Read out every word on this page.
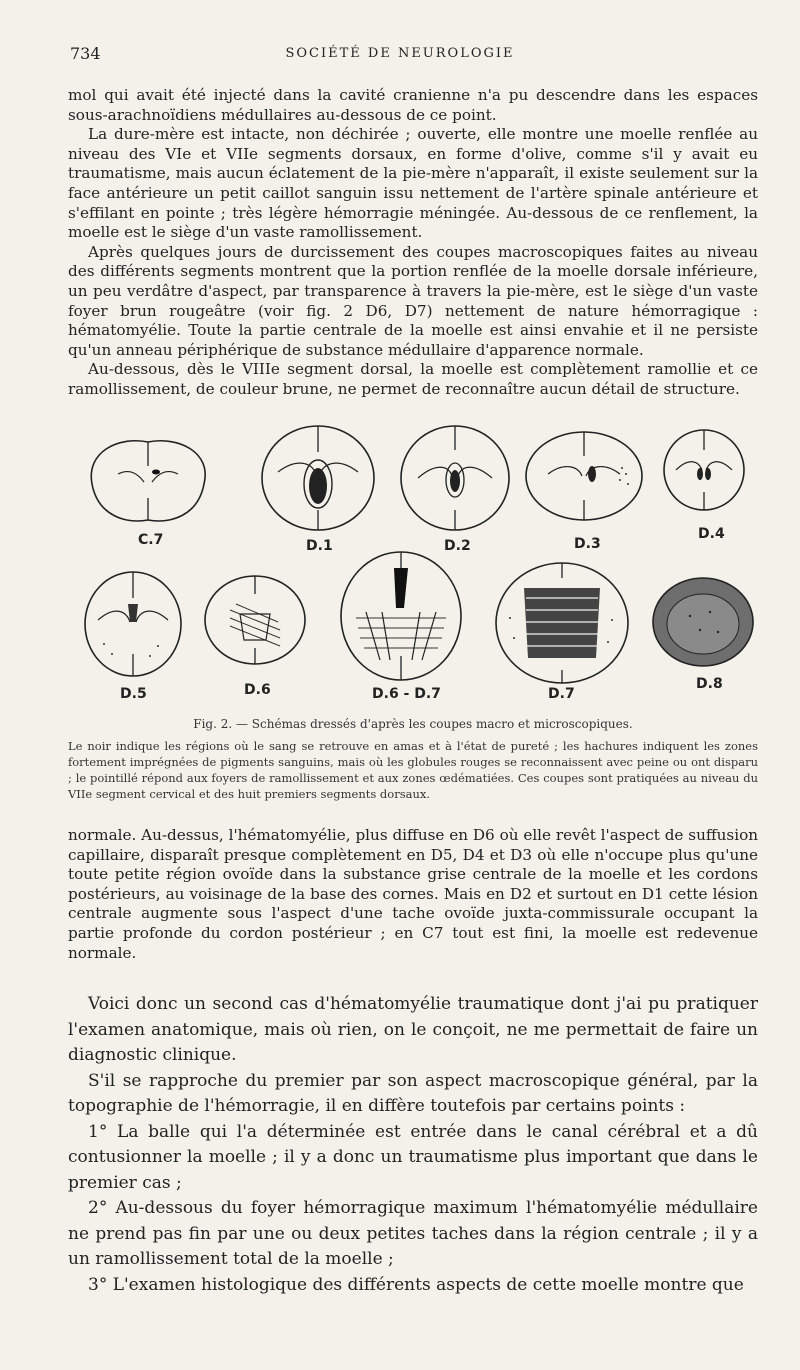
734	SOCIÉTÉ DE NEUROLOGIE

mol qui avait été injecté dans la cavité cranienne n'a pu descendre dans les espaces sous-arachnoïdiens médullaires au-dessous de ce point.

La dure-mère est intacte, non déchirée ; ouverte, elle montre une moelle renflée au niveau des VIe et VIIe segments dorsaux, en forme d'olive, comme s'il y avait eu traumatisme, mais aucun éclatement de la pie-mère n'apparaît, il existe seulement sur la face antérieure un petit caillot sanguin issu nettement de l'artère spinale antérieure et s'effilant en pointe ; très légère hémorragie méningée. Au-dessous de ce renflement, la moelle est le siège d'un vaste ramollissement.

Après quelques jours de durcissement des coupes macroscopiques faites au niveau des différents segments montrent que la portion renflée de la moelle dorsale inférieure, un peu verdâtre d'aspect, par transparence à travers la pie-mère, est le siège d'un vaste foyer brun rougeâtre (voir fig. 2 D6, D7) nettement de nature hémorragique : hématomyélie. Toute la partie centrale de la moelle est ainsi envahie et il ne persiste qu'un anneau périphérique de substance médullaire d'apparence normale.

Au-dessous, dès le VIIIe segment dorsal, la moelle est complètement ramollie et ce ramollissement, de couleur brune, ne permet de reconnaître aucun détail de structure.

C.7	D.1	D.2	D.3
D.4
D.5	D.6	D.6 - D.7	D.7
D.8

Fig. 2. — Schémas dressés d'après les coupes macro et microscopiques.

Le noir indique les régions où le sang se retrouve en amas et à l'état de pureté ; les hachures indiquent les zones fortement imprégnées de pigments sanguins, mais où les globules rouges se reconnaissent avec peine ou ont disparu ; le pointillé répond aux foyers de ramollissement et aux zones œdématiées. Ces coupes sont pratiquées au niveau du VIIe segment cervical et des huit premiers segments dorsaux.

normale. Au-dessus, l'hématomyélie, plus diffuse en D6 où elle revêt l'aspect de suffusion capillaire, disparaît presque complètement en D5, D4 et D3 où elle n'occupe plus qu'une toute petite région ovoïde dans la substance grise centrale de la moelle et les cordons postérieurs, au voisinage de la base des cornes. Mais en D2 et surtout en D1 cette lésion centrale augmente sous l'aspect d'une tache ovoïde juxta-commissurale occupant la partie profonde du cordon postérieur ; en C7 tout est fini, la moelle est redevenue normale.

Voici donc un second cas d'hématomyélie traumatique dont j'ai pu pratiquer l'examen anatomique, mais où rien, on le conçoit, ne me permettait de faire un diagnostic clinique.

S'il se rapproche du premier par son aspect macroscopique général, par la topographie de l'hémorragie, il en diffère toutefois par certains points :

1° La balle qui l'a déterminée est entrée dans le canal cérébral et a dû contusionner la moelle ; il y a donc un traumatisme plus important que dans le premier cas ;

2° Au-dessous du foyer hémorragique maximum l'hématomyélie médullaire ne prend pas fin par une ou deux petites taches dans la région centrale ; il y a un ramollissement total de la moelle ;

3° L'examen histologique des différents aspects de cette moelle montre que
